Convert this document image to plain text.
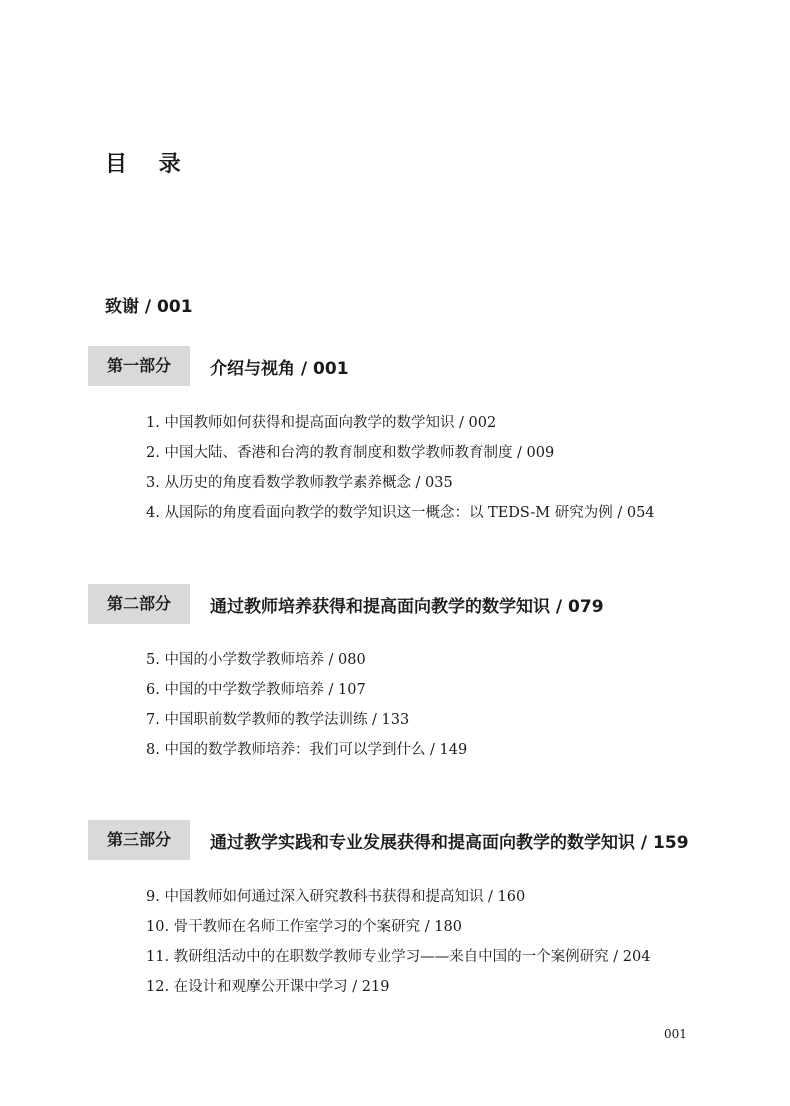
目 录
致谢 / 001
第一部分	介绍与视角 / 001
1. 中国教师如何获得和提高面向教学的数学知识 / 002
2. 中国大陆、香港和台湾的教育制度和数学教师教育制度 / 009
3. 从历史的角度看数学教师教学素养概念 / 035
4. 从国际的角度看面向教学的数学知识这一概念：以 TEDS-M 研究为例 / 054
第二部分	通过教师培养获得和提高面向教学的数学知识 / 079
5. 中国的小学数学教师培养 / 080
6. 中国的中学数学教师培养 / 107
7. 中国职前数学教师的教学法训练 / 133
8. 中国的数学教师培养：我们可以学到什么 / 149
第三部分	通过教学实践和专业发展获得和提高面向教学的数学知识 / 159
9. 中国教师如何通过深入研究教科书获得和提高知识 / 160
10. 骨干教师在名师工作室学习的个案研究 / 180
11. 教研组活动中的在职数学教师专业学习——来自中国的一个案例研究 / 204
12. 在设计和观摩公开课中学习 / 219
001
